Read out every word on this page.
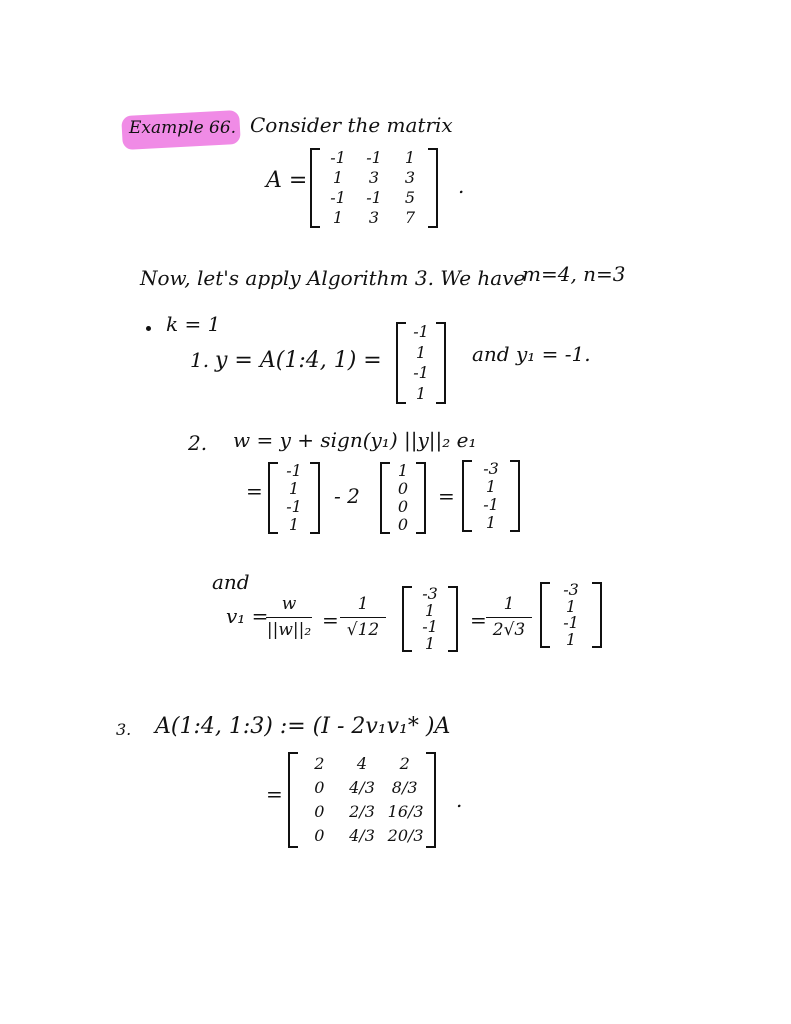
Example 66. Consider the matrix
A =
-1	-1	1
1	3	3
-1	-1	5
1	3	7
.
Now, let's apply Algorithm 3. We have
m=4, n=3
k = 1
1. y = A(1:4, 1) =
-1
1
-1
1
and y₁ = -1.
2. w = y + sign(y₁) ||y||₂ e₁
=
-1
1
-1
1
- 2
1
0
0
0
=
-3
1
-1
1
and
v₁ = w
||w||₂ =
1
√12
-3
1
-1
1
=
1
2√3
-3
1
-1
1
3. A(1:4, 1:3) := (I - 2v₁v₁* )A
=
2	4	2
0	4/3 8/3
0	2/3 16/3
0	4/3 20/3
.
